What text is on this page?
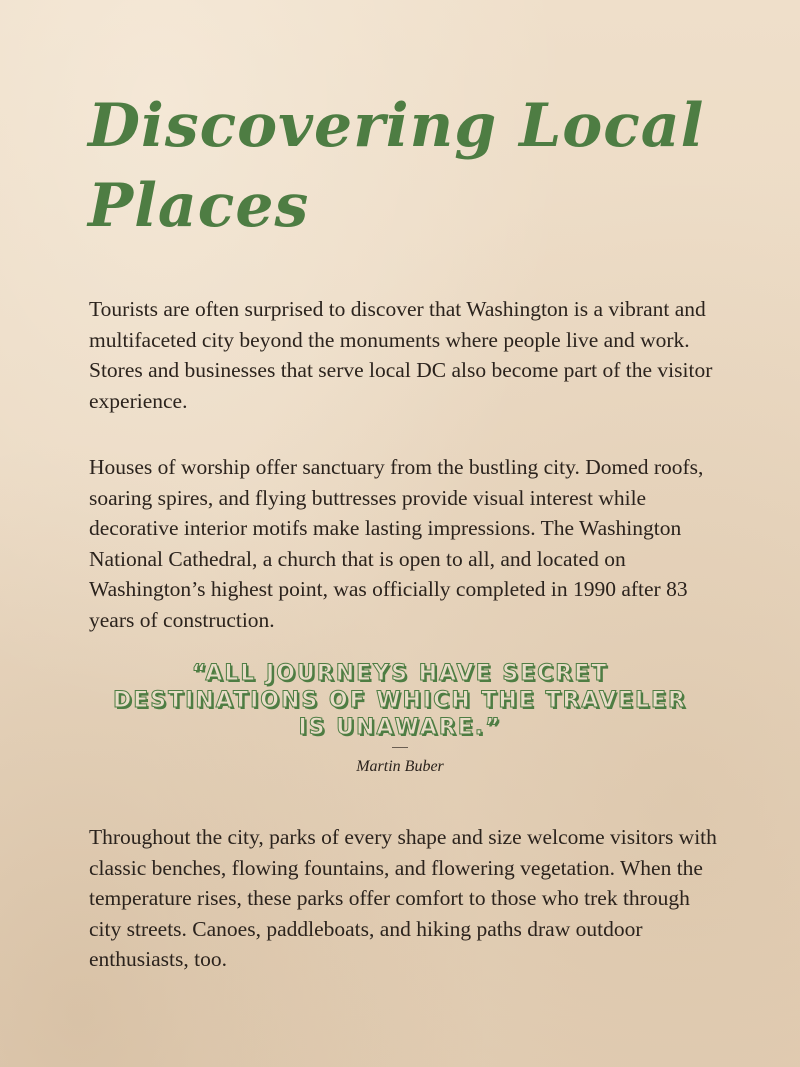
Discovering Local Places

Tourists are often surprised to discover that Washington is a vibrant and multifaceted city beyond the monuments where people live and work. Stores and businesses that serve local DC also become part of the visitor experience.

Houses of worship offer sanctuary from the bustling city. Domed roofs, soaring spires, and flying buttresses provide visual interest while decorative interior motifs make lasting impressions. The Washington National Cathedral, a church that is open to all, and located on Washington’s highest point, was officially completed in 1990 after 83 years of construction.

“ALL JOURNEYS HAVE SECRET DESTINATIONS OF WHICH THE TRAVELER IS UNAWARE.”

Martin Buber

Throughout the city, parks of every shape and size welcome visitors with classic benches, flowing fountains, and flowering vegetation. When the temperature rises, these parks offer comfort to those who trek through city streets. Canoes, paddleboats, and hiking paths draw outdoor enthusiasts, too.
